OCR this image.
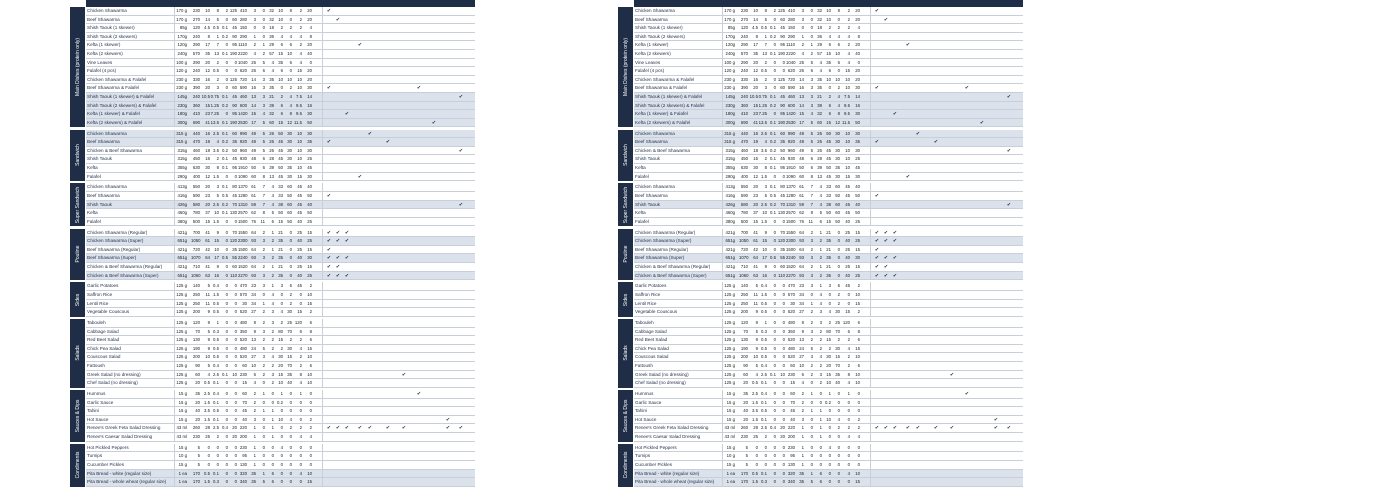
Main Dishes (protein only)
Chicken Shawarma	170 g	230	10	8	2 125 410	3	0 32 10	8	2	20	✔
Beef Shawarma	170 g	270	14	5	0 60 280	3	0 32 10	0	2	20	✔
Shish Taouk (1 skewer)	85g	120 4.5 0.5 0.1 45 150	0	0 18	2	2	2	4
Shish Taouk (2 skewers)	170g	240	8	1 0.2 90 290	1	0 36	4	4	4	8
Kefta (1 skewer)	120g	290	17	7	0 95 1110	2	1 29	6	6	2	20	✔
Kefta (2 skewers)	240g	570	35 13 0.1 190 2220	4	2 57 15 10	4	40
Vine Leaves	100 g	290	20	2	0	0 1040 25	5	4 35	6	4	0
Falafel (4 pcs)	120 g	240	12 0.5	0	0 620 26	6	4	6	0	15	20
Chicken Shawarma & Falafel	230 g	330	16	2	0 125 720 14	3 35 10 10	10	20
Beef Shawarma & Falafel	230 g	390	20	3	0 60 590 16	3 35	0	2	10	30	✔	✔
Shish Taouk (1 skewer) & Falafel	145g	240 10.5 0.75 0.1 45 460 13	3 21	2	4 7.5	14	✔
Shish Taouk (2 skewers) & Falafel	230g	360	15 1.25 0.2 90 600 14	3 39	6	4 9.5	16
Kefta (1 skewer) & Falafel	180g	410	23 7.25	0 95 1420 15	4 32	6	8 9.5	30	✔
Kefta (2 skewers) & Falafel	300g	690	41 13.5 0.1 190 2530 17	5 60 15 12 11.5	50	✔
Sandwich
Chicken Shawarma	315 g	440	16 2.5 0.1 60 990 49	5 26 50 30	10	30	✔
Beef Shawarma	315 g	470	19	4 0.2 35 920 49	5 26 45 30	10	35	✔	✔
Chicken & Beef Shawarma	315g	460	18 3.5 0.2 50 960 49	5 26 45 30	10	30	✔
Shish Taouk	315g	450	16	2 0.1 45 930 48	6 28 45 30	10	25
Kefta	355g	630	30	8 0.1 95 1910 50	6 39 50 35	10	45
Falafel	290g	400	12 1.5	0	0 1090 60	8 13 45 30	15	30	✔
Super Sandwich Chicken Shawarma	413g	550	20	3 0.1 80 1370 61	7	4 33 60	45	40
Beef Shawarma	416g	590	23	5 0.5 45 1280 61	7	4 33 50	45	50	✔
Shish Taouk	426g	580	20 2.5 0.2 70 1310 59	7	4 38 60	45	40	✔
Kefta	460g	780	37 10 0.1 130 2570 62	8	5 50 60	45	50
Falafel	380g	500	15 1.5	0	0 1500 76	11	6 15 50	40	25
Poutine
Chicken Shawarma (Regular)	421g	700	41	9	0 70 1550 64	2	1 21	0	25	15	✔ ✔ ✔
Chicken Shawarma (Super)	651g 1050	61 15	0 120 2300 93	3	2 35	0	40	25	✔ ✔ ✔
Beef Shawarma (Regular)	421g	720	42 10	0 35 1500 64	2	1 21	0	25	15	✔
Beef Shawarma (Super)	651g 1070	64 17 0.5 55 2240 93	3	2 35	0	40	30	✔ ✔ ✔
Chicken & Beef Shawarma (Regular)	421g	710	41	9	0 60 1520 64	2	1 21	0	25	15	✔ ✔
Chicken & Beef Shawarma (Super)	651g 1060	63 16	0 110 2270 93	3	2 35	0	40	25	✔ ✔ ✔
Sides
Garlic Potatoes	125 g	140	5 0.4	0	0 470 23	3	1	3	6	45	2
Saffron Rice	125 g	250	11 1.5	0	0 570 34	0	4	0	2	0	10
Lentil Rice	125 g	250	11 0.5	0	0	30 34	1	4	0	2	0	15
Vegetable Couscous	125 g	200	9 0.5	0	0 520 27	2	3	4 30	15	2
Salads
Tabouleh	125 g	120	9	1	0	0 480	8	2	3	2 25 120	6
Cabbage Salad	125 g	70	5 0.3	0	0 350	9	3	2 80 70	6	8
Red Beet Salad	125 g	130	9 0.5	0	0 520 13	2	2 15	2	2	6
Chick Pea Salad	125 g	190	9 0.5	0	0 480 24	5	2	2 30	4	15
Couscous Salad	125 g	200	10 0.5	0	0 520 27	3	4 30 15	2	10
Fattoush	125 g	90	5 0.4	0	0	60 10	2	2 20 70	2	6
Greek Salad (no dressing)	125 g	60	4 2.5 0.1 10 230	6	2	3 15 35	8	10	✔
Chef Salad (no dressing)	125 g	20 0.5 0.1	0	0	15	4	0	2 10 40	4	10
Sauces & Dips
Hummus	15 g	35 2.5 0.4	0	0	60	2	1	0	1	0	1	0	✔
Garlic Sauce	15 g	20 1.5 0.1	0	0	70	2	0	0 0.2	0	0	0
Tahini	15 g	40 3.5 0.5	0	0	45	2	1	1	0	0	0	0
Hot Sauce	15 g	20 1.5 0.1	0	0	40	3	0	1 10	4	0	2	✔
Renee's Greek Feta Salad Dressing	43 ml	260	28 2.5 0.4 20 220	1	0	1	0	2	2	2	✔ ✔ ✔	✔	✔	✔	✔	✔	✔
Renee's Caesar Salad Dressing	43 ml	230	25	2	0 20 200	1	0	1	0	0	4	4
Condiments
Hot Pickled Peppers	15 g	5	0	0	0	0 230	1	0	0	4	0	0	0
Turnips	10 g	5	0	0	0	0	95	1	0	0	0	0	0	0
Cucumber Pickles	15 g	5	0	0	0	0 130	1	0	0	0	0	0	0
Pita Bread - white (regular size)	1 ea	170 0.5 0.1	0	0 320 35	1	6	0	0	4	10
Pita Bread - whole wheat (regular size)	1 ea	170 1.5 0.3	0	0 340 35	5	6	0	0	0	15
Main Dishes (protein only)
Chicken Shawarma	170 g	230	10	8	2 125 410	3	0 32 10	8	2	20	✔
Beef Shawarma	170 g	270	14	5	0 60 280	3	0 32 10	0	2	20	✔
Shish Taouk (1 skewer)	85g	120 4.5 0.5 0.1 45 150	0	0 18	2	2	2	4
Shish Taouk (2 skewers)	170g	240	8	1 0.2 90 290	1	0 36	4	4	4	8
Kefta (1 skewer)	120g	290	17	7	0 95 1110	2	1 29	6	6	2	20	✔
Kefta (2 skewers)	240g	570	35 13 0.1 190 2220	4	2 57 15 10	4	40
Vine Leaves	100 g	290	20	2	0	0 1040 25	5	4 35	6	4	0
Falafel (4 pcs)	120 g	240	12 0.5	0	0 620 26	6	4	6	0	15	20
Chicken Shawarma & Falafel	230 g	330	16	2	0 125 720 14	3 35 10 10	10	20
Beef Shawarma & Falafel	230 g	390	20	3	0 60 590 16	3 35	0	2	10	30	✔	✔
Shish Taouk (1 skewer) & Falafel	145g	240 10.5 0.75 0.1 45 460 13	3 21	2	4 7.5	14	✔
Shish Taouk (2 skewers) & Falafel	230g	360	15 1.25 0.2 90 600 14	3 39	6	4 9.5	16
Kefta (1 skewer) & Falafel	180g	410	23 7.25	0 95 1420 15	4 32	6	8 9.5	30	✔
Kefta (2 skewers) & Falafel	300g	690	41 13.5 0.1 190 2530 17	5 60 15 12 11.5	50	✔
Sandwich
Chicken Shawarma	315 g	440	16 2.5 0.1 60 990 49	5 26 50 30	10	30	✔
Beef Shawarma	315 g	470	19	4 0.2 35 920 49	5 26 45 30	10	35	✔	✔
Chicken & Beef Shawarma	315g	460	18 3.5 0.2 50 960 49	5 26 45 30	10	30	✔
Shish Taouk	315g	450	16	2 0.1 45 930 48	6 28 45 30	10	25
Kefta	355g	630	30	8 0.1 95 1910 50	6 39 50 35	10	45
Falafel	290g	400	12 1.5	0	0 1090 60	8 13 45 30	15	30	✔
Super Sandwich Chicken Shawarma	413g	550	20	3 0.1 80 1370 61	7	4 33 60	45	40
Beef Shawarma	416g	590	23	5 0.5 45 1280 61	7	4 33 50	45	50	✔
Shish Taouk	426g	580	20 2.5 0.2 70 1310 59	7	4 38 60	45	40	✔
Kefta	460g	780	37 10 0.1 130 2570 62	8	5 50 60	45	50
Falafel	380g	500	15 1.5	0	0 1500 76	11	6 15 50	40	25
Poutine
Chicken Shawarma (Regular)	421g	700	41	9	0 70 1550 64	2	1 21	0	25	15	✔ ✔ ✔
Chicken Shawarma (Super)	651g 1050	61 15	0 120 2300 93	3	2 35	0	40	25	✔ ✔ ✔
Beef Shawarma (Regular)	421g	720	42 10	0 35 1500 64	2	1 21	0	25	15	✔
Beef Shawarma (Super)	651g 1070	64 17 0.5 55 2240 93	3	2 35	0	40	30	✔ ✔ ✔
Chicken & Beef Shawarma (Regular)	421g	710	41	9	0 60 1520 64	2	1 21	0	25	15	✔ ✔
Chicken & Beef Shawarma (Super)	651g 1060	63 16	0 110 2270 93	3	2 35	0	40	25	✔ ✔ ✔
Sides
Garlic Potatoes	125 g	140	5 0.4	0	0 470 23	3	1	3	6	45	2
Saffron Rice	125 g	250	11 1.5	0	0 570 34	0	4	0	2	0	10
Lentil Rice	125 g	250	11 0.5	0	0	30 34	1	4	0	2	0	15
Vegetable Couscous	125 g	200	9 0.5	0	0 520 27	2	3	4 30	15	2
Salads
Tabouleh	125 g	120	9	1	0	0 480	8	2	3	2 25 120	6
Cabbage Salad	125 g	70	5 0.3	0	0 350	9	3	2 80 70	6	8
Red Beet Salad	125 g	130	9 0.5	0	0 520 13	2	2 15	2	2	6
Chick Pea Salad	125 g	190	9 0.5	0	0 480 24	5	2	2 30	4	15
Couscous Salad	125 g	200	10 0.5	0	0 520 27	3	4 30 15	2	10
Fattoush	125 g	90	5 0.4	0	0	60 10	2	2 20 70	2	6
Greek Salad (no dressing)	125 g	60	4 2.5 0.1 10 230	6	2	3 15 35	8	10	✔
Chef Salad (no dressing)	125 g	20 0.5 0.1	0	0	15	4	0	2 10 40	4	10
Sauces & Dips
Hummus	15 g	35 2.5 0.4	0	0	60	2	1	0	1	0	1	0	✔
Garlic Sauce	15 g	20 1.5 0.1	0	0	70	2	0	0 0.2	0	0	0
Tahini	15 g	40 3.5 0.5	0	0	45	2	1	1	0	0	0	0
Hot Sauce	15 g	20 1.5 0.1	0	0	40	3	0	1 10	4	0	2	✔
Renee's Greek Feta Salad Dressing	43 ml	260	28 2.5 0.4 20 220	1	0	1	0	2	2	2	✔ ✔ ✔	✔	✔	✔	✔	✔	✔
Renee's Caesar Salad Dressing	43 ml	230	25	2	0 20 200	1	0	1	0	0	4	4
Condiments
Hot Pickled Peppers	15 g	5	0	0	0	0 230	1	0	0	4	0	0	0
Turnips	10 g	5	0	0	0	0	95	1	0	0	0	0	0	0
Cucumber Pickles	15 g	5	0	0	0	0 130	1	0	0	0	0	0	0
Pita Bread - white (regular size)	1 ea	170 0.5 0.1	0	0 320 35	1	6	0	0	4	10
Pita Bread - whole wheat (regular size)	1 ea	170 1.5 0.3	0	0 340 35	5	6	0	0	0	15
